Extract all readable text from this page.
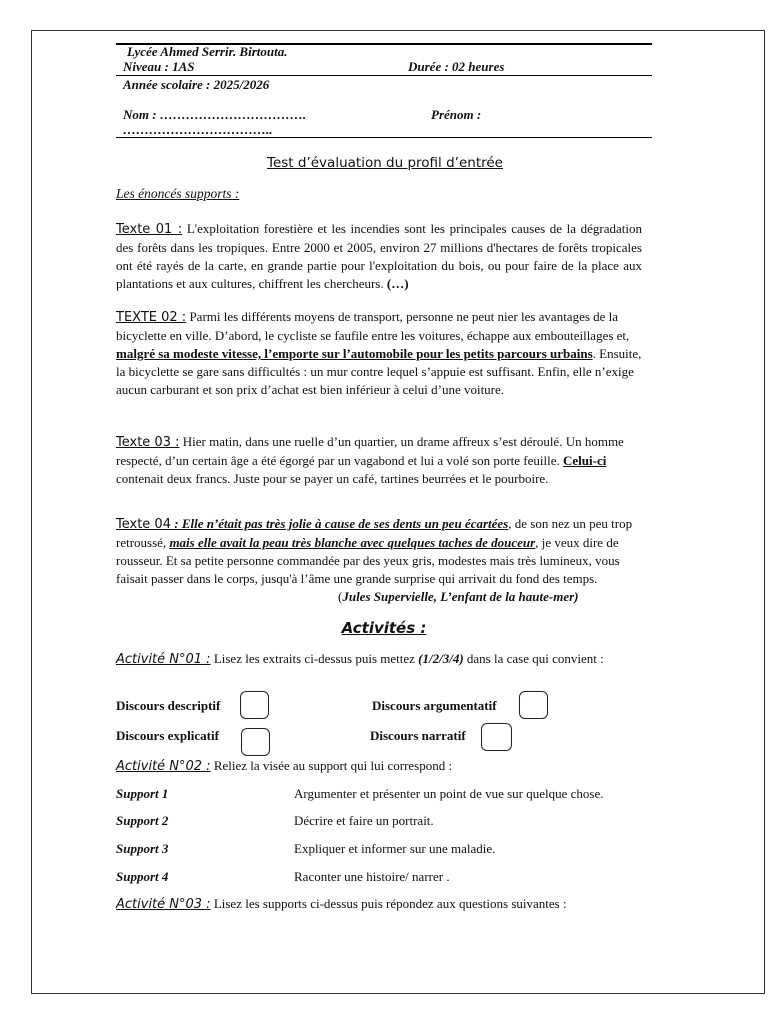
Lycée Ahmed Serrir. Birtouta.
Niveau : 1AS	Durée : 02 heures
Année scolaire : 2025/2026
Nom : …………………………….	Prénom :
……………………………..
Test d’évaluation du profil d’entrée
Les énoncés supports :
Texte 01 : L'exploitation forestière et les incendies sont les principales causes de la dégradation des forêts dans les tropiques. Entre 2000 et 2005, environ 27 millions d'hectares de forêts tropicales ont été rayés de la carte, en grande partie pour l'exploitation du bois, ou pour faire de la place aux plantations et aux cultures, chiffrent les chercheurs. (…)
TEXTE 02 : Parmi les différents moyens de transport, personne ne peut nier les avantages de la bicyclette en ville. D’abord, le cycliste se faufile entre les voitures, échappe aux embouteillages et, malgré sa modeste vitesse, l’emporte sur l’automobile pour les petits parcours urbains. Ensuite, la bicyclette se gare sans difficultés : un mur contre lequel s’appuie est suffisant. Enfin, elle n’exige aucun carburant et son prix d’achat est bien inférieur à celui d’une voiture.
Texte 03 : Hier matin, dans une ruelle d’un quartier, un drame affreux s’est déroulé. Un homme respecté, d’un certain âge a été égorgé par un vagabond et lui a volé son porte feuille. Celui-ci contenait deux francs. Juste pour se payer un café, tartines beurrées et le pourboire.
Texte 04 : Elle n’était pas très jolie à cause de ses dents un peu écartées, de son nez un peu trop retroussé, mais elle avait la peau très blanche avec quelques taches de douceur, je veux dire de rousseur. Et sa petite personne commandée par des yeux gris, modestes mais très lumineux, vous faisait passer dans le corps, jusqu'à l’âme une grande surprise qui arrivait du fond des temps.
(Jules Supervielle, L’enfant de la haute-mer)
Activités :
Activité N°01 : Lisez les extraits ci-dessus puis mettez (1/2/3/4) dans la case qui convient :
Discours descriptif	Discours argumentatif
Discours explicatif	Discours narratif
Activité N°02 : Reliez la visée au support qui lui correspond :
Support 1	Argumenter et présenter un point de vue sur quelque chose.
Support 2	Décrire et faire un portrait.
Support 3	Expliquer et informer sur une maladie.
Support 4	Raconter une histoire/ narrer .
Activité N°03 : Lisez les supports ci-dessus puis répondez aux questions suivantes :
